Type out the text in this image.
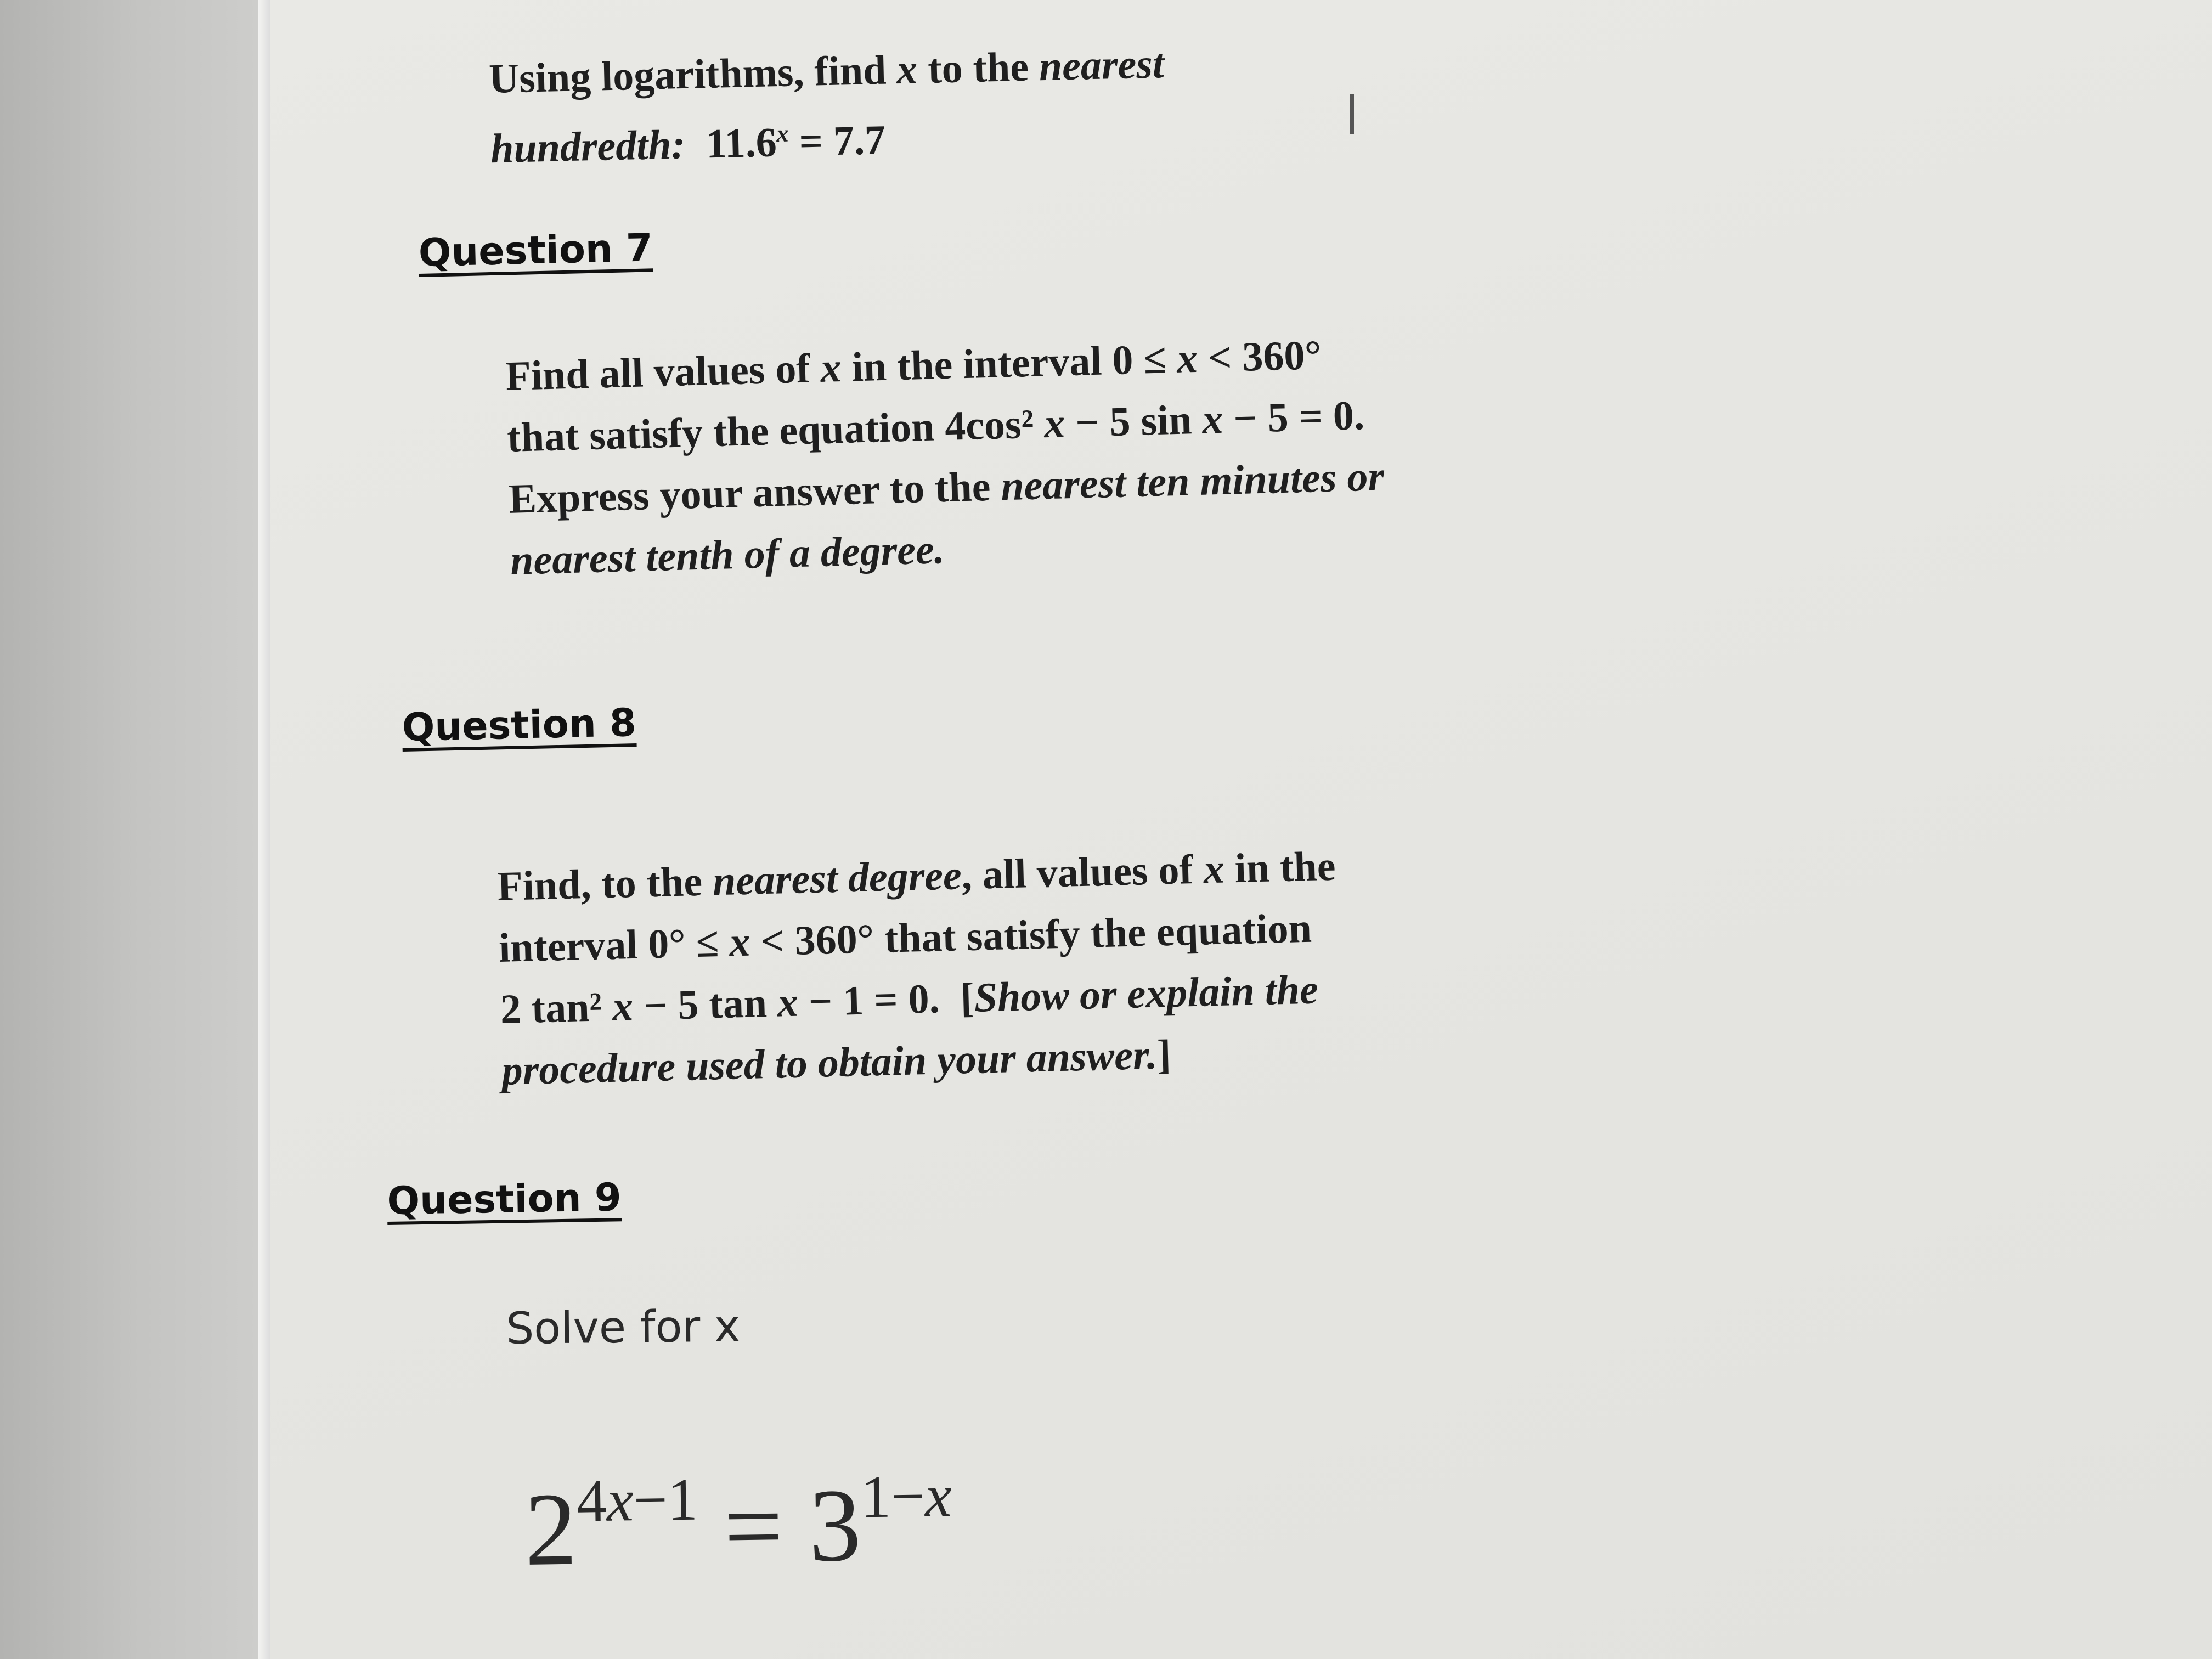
Using logarithms, find x to the nearest
hundredth:  $11.6^x = 7.7$
Question 7
Find all values of x in the interval 0 ≤ x < 360°
that satisfy the equation 4cos² x − 5 sin x − 5 = 0.
Express your answer to the nearest ten minutes or
nearest tenth of a degree.
Question 8
Find, to the nearest degree, all values of x in the
interval 0° ≤ x < 360° that satisfy the equation
2 tan² x − 5 tan x − 1 = 0.  [Show or explain the
procedure used to obtain your answer.]
Question 9
Solve for x
$2^{4x-1} = 3^{1-x}$
